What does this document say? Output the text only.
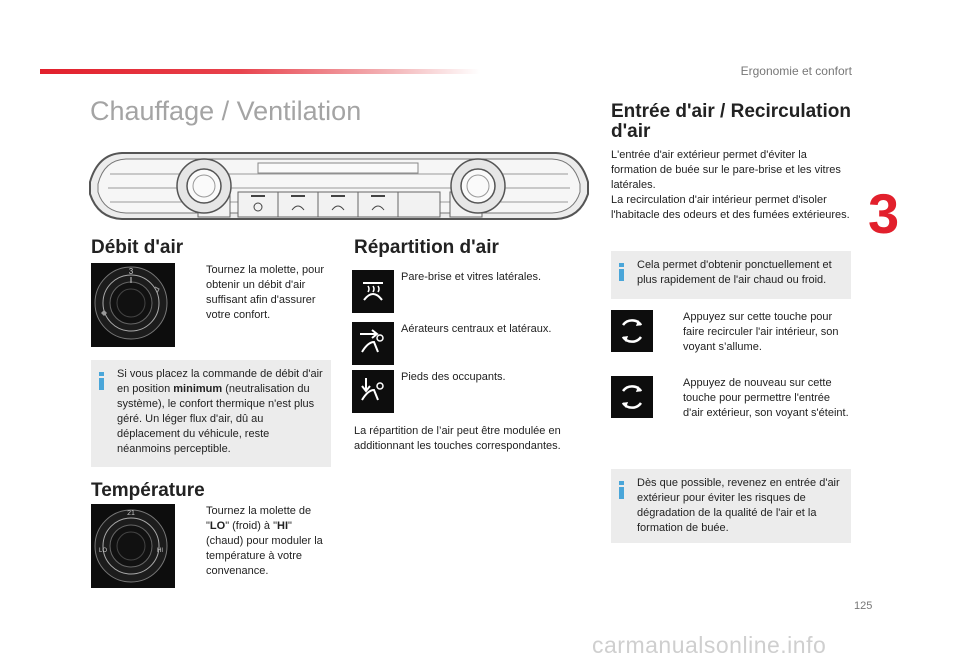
Ergonomie et confort
3
Chauffage / Ventilation
Débit d'air
3	Tournez la molette, pour obtenir un débit d'air suffisant afin d'assurer votre confort.
Si vous placez la commande de débit d'air en position minimum (neutralisation du système), le confort thermique n'est plus géré. Un léger flux d'air, dû au déplacement du véhicule, reste néanmoins perceptible.
Température
21
LO	HI
Tournez la molette de "LO" (froid) à "HI" (chaud) pour moduler la température à votre convenance.
Répartition d'air
Pare-brise et vitres latérales.
Aérateurs centraux et latéraux.
Pieds des occupants.
La répartition de l’air peut être modulée en additionnant les touches correspondantes.
Entrée d'air / Recirculation d'air
L'entrée d'air extérieur permet d'éviter la formation de buée sur le pare-brise et les vitres latérales.
La recirculation d'air intérieur permet d'isoler l'habitacle des odeurs et des fumées extérieures.
Cela permet d'obtenir ponctuellement et plus rapidement de l'air chaud ou froid.
Appuyez sur cette touche pour faire recirculer l'air intérieur, son voyant s’allume.
Appuyez de nouveau sur cette touche pour permettre l'entrée d'air extérieur, son voyant s'éteint.
Dès que possible, revenez en entrée d'air extérieur pour éviter les risques de dégradation de la qualité de l'air et la formation de buée.
125
carmanualsonline.info
